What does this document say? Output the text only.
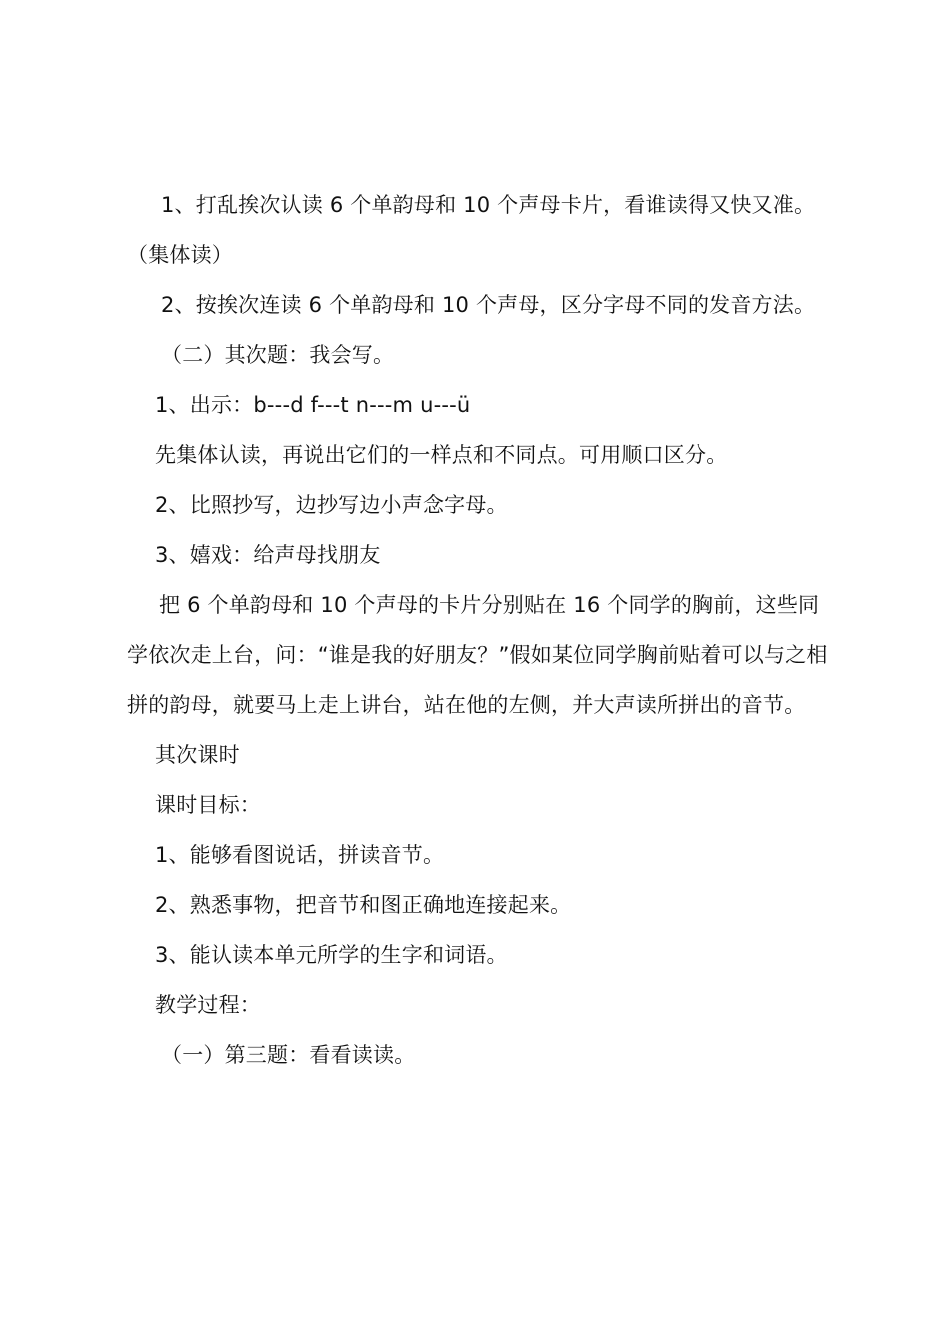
1、打乱挨次认读 6 个单韵母和 10 个声母卡片，看谁读得又快又准。（集体读）

2、按挨次连读 6 个单韵母和 10 个声母，区分字母不同的发音方法。

（二）其次题：我会写。

1、出示：b---d f---t n---m u---ü

先集体认读，再说出它们的一样点和不同点。可用顺口区分。

2、比照抄写，边抄写边小声念字母。

3、嬉戏：给声母找朋友

把 6 个单韵母和 10 个声母的卡片分别贴在 16 个同学的胸前，这些同学依次走上台，问：“谁是我的好朋友？”假如某位同学胸前贴着可以与之相拼的韵母，就要马上走上讲台，站在他的左侧，并大声读所拼出的音节。

其次课时

课时目标：

1、能够看图说话，拼读音节。

2、熟悉事物，把音节和图正确地连接起来。

3、能认读本单元所学的生字和词语。

教学过程：

（一）第三题：看看读读。
